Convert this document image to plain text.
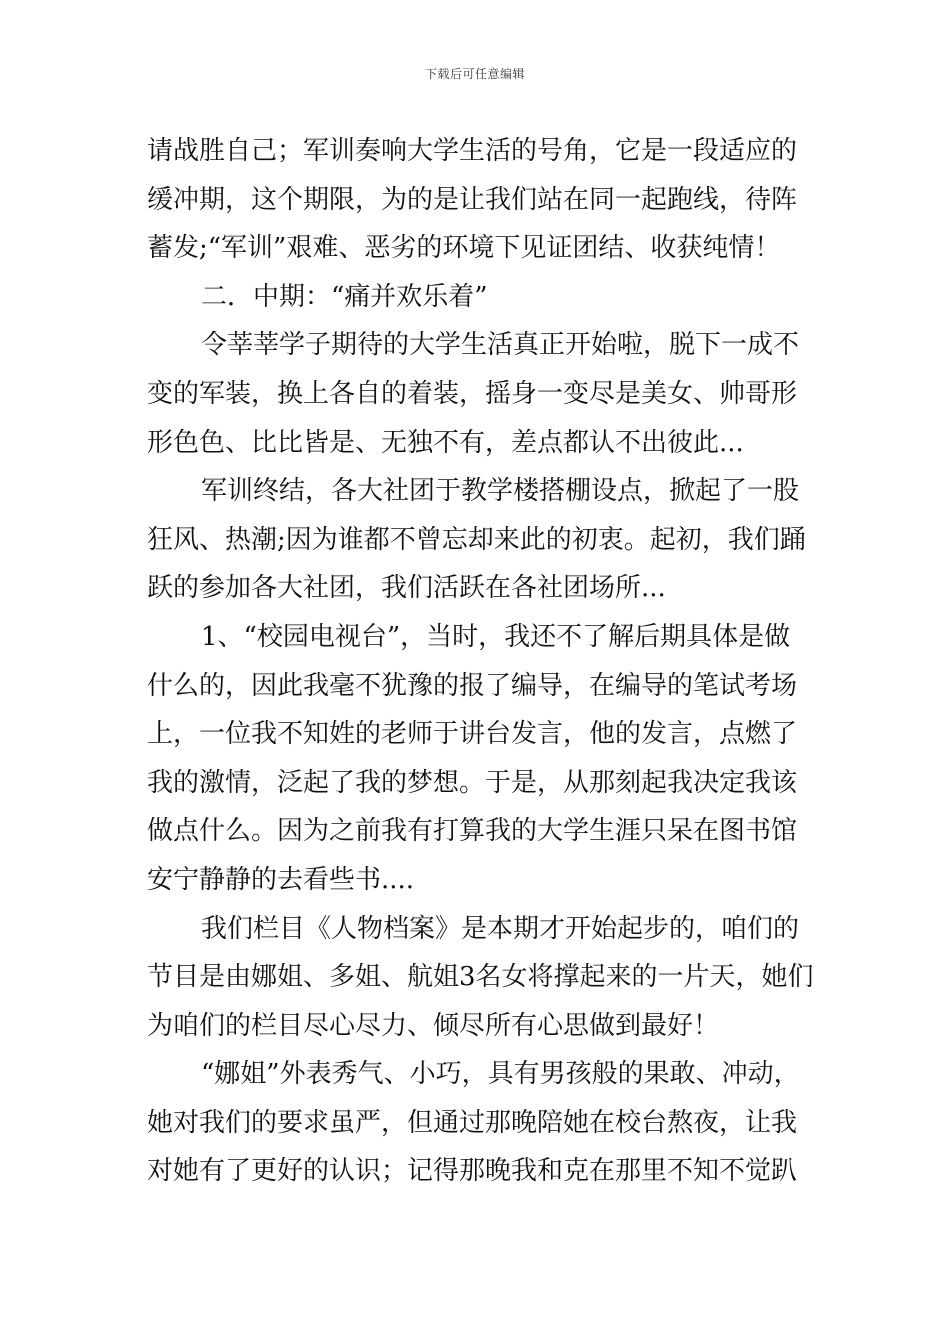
下载后可任意编辑
请战胜自己；军训奏响大学生活的号角，它是一段适应的
缓冲期，这个期限，为的是让我们站在同一起跑线，待阵
蓄发;“军训”艰难、恶劣的环境下见证团结、收获纯情！
二．中期：“痛并欢乐着”
令莘莘学子期待的大学生活真正开始啦，脱下一成不
变的军装，换上各自的着装，摇身一变尽是美女、帅哥形
形色色、比比皆是、无独不有，差点都认不出彼此...
军训终结，各大社团于教学楼搭棚设点，掀起了一股
狂风、热潮;因为谁都不曾忘却来此的初衷。起初，我们踊
跃的参加各大社团，我们活跃在各社团场所...
1、“校园电视台”，当时，我还不了解后期具体是做
什么的，因此我毫不犹豫的报了编导，在编导的笔试考场
上，一位我不知姓的老师于讲台发言，他的发言，点燃了
我的激情，泛起了我的梦想。于是，从那刻起我决定我该
做点什么。因为之前我有打算我的大学生涯只呆在图书馆
安宁静静的去看些书....
我们栏目《人物档案》是本期才开始起步的，咱们的
节目是由娜姐、多姐、航姐3名女将撑起来的一片天，她们
为咱们的栏目尽心尽力、倾尽所有心思做到最好！
“娜姐”外表秀气、小巧，具有男孩般的果敢、冲动，
她对我们的要求虽严，但通过那晚陪她在校台熬夜，让我
对她有了更好的认识；记得那晚我和克在那里不知不觉趴
